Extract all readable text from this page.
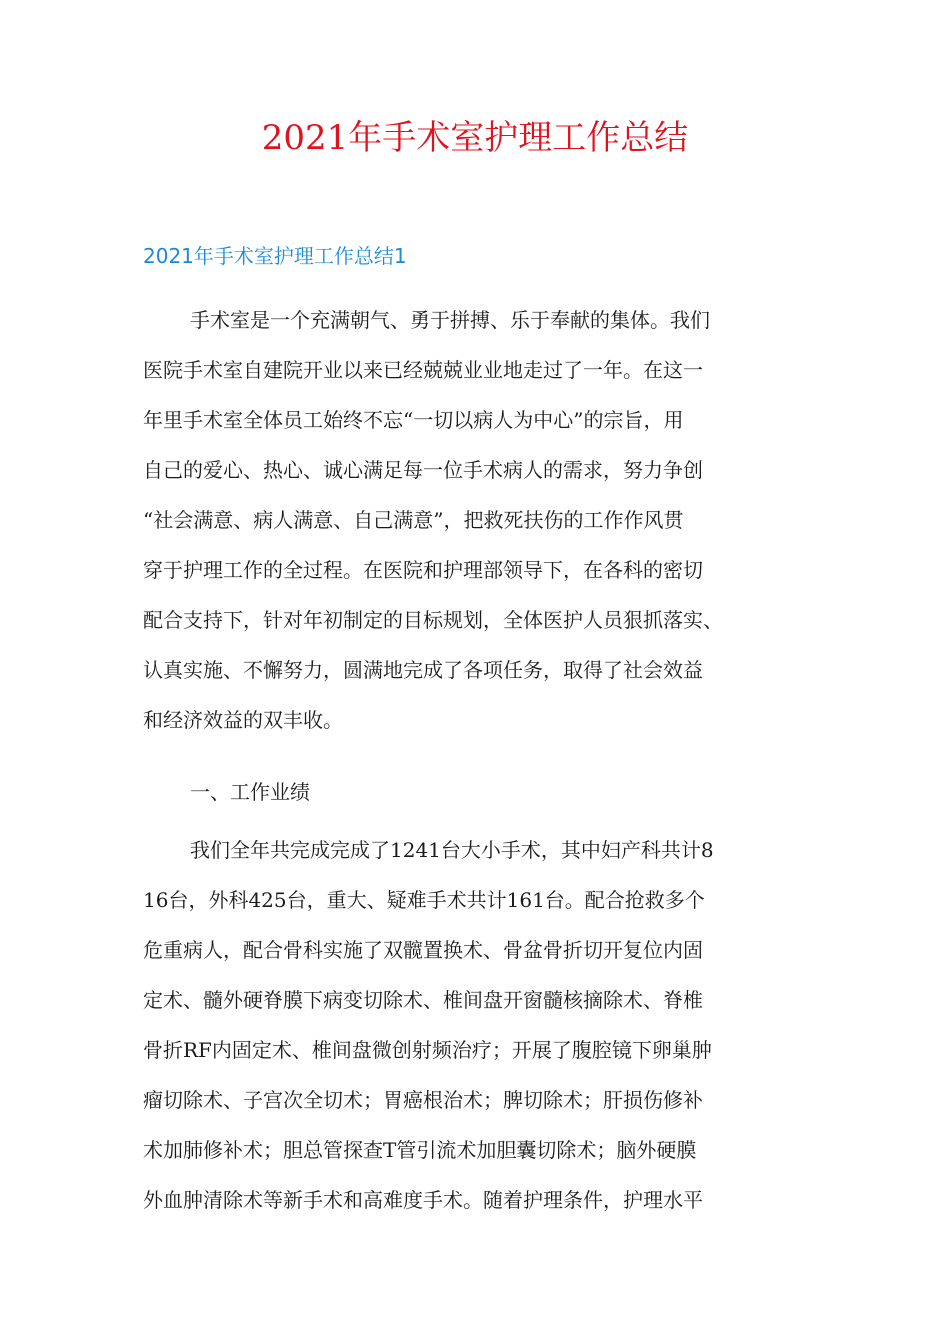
2021年手术室护理工作总结
2021年手术室护理工作总结1

手术室是一个充满朝气、勇于拼搏、乐于奉献的集体。我们

医院手术室自建院开业以来已经兢兢业业地走过了一年。在这一

年里手术室全体员工始终不忘“一切以病人为中心”的宗旨，用

自己的爱心、热心、诚心满足每一位手术病人的需求，努力争创

“社会满意、病人满意、自己满意”，把救死扶伤的工作作风贯

穿于护理工作的全过程。在医院和护理部领导下，在各科的密切

配合支持下，针对年初制定的目标规划，全体医护人员狠抓落实、

认真实施、不懈努力，圆满地完成了各项任务，取得了社会效益

和经济效益的双丰收。

一、工作业绩

我们全年共完成完成了1241台大小手术，其中妇产科共计8

16台，外科425台，重大、疑难手术共计161台。配合抢救多个

危重病人，配合骨科实施了双髋置换术、骨盆骨折切开复位内固

定术、髓外硬脊膜下病变切除术、椎间盘开窗髓核摘除术、脊椎

骨折RF内固定术、椎间盘微创射频治疗；开展了腹腔镜下卵巢肿

瘤切除术、子宫次全切术；胃癌根治术；脾切除术；肝损伤修补

术加肺修补术；胆总管探查T管引流术加胆囊切除术；脑外硬膜

外血肿清除术等新手术和高难度手术。随着护理条件，护理水平
